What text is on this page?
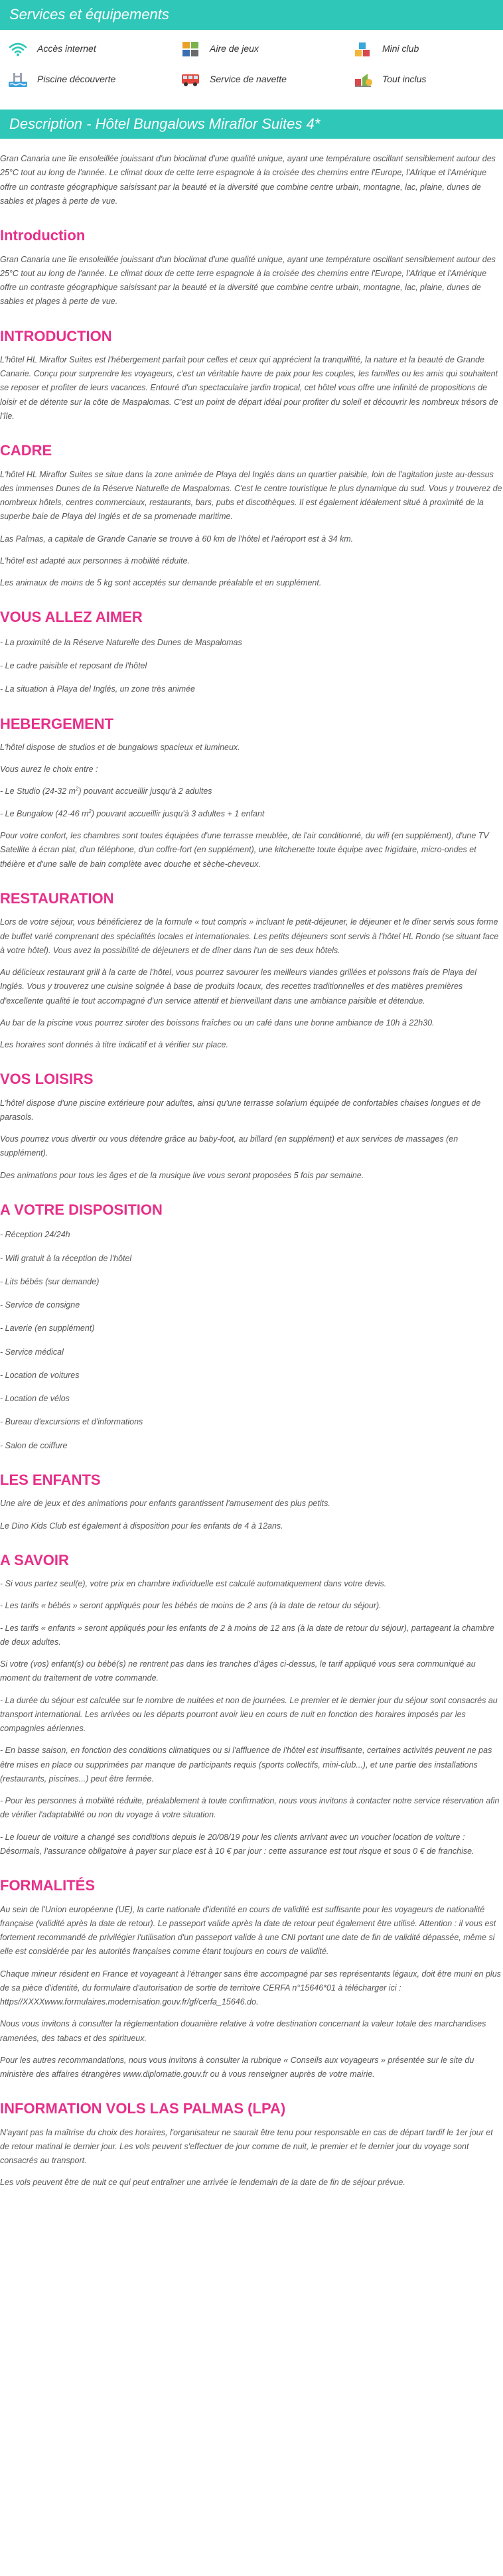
Services et équipements
Accès internet	Aire de jeux	Mini club
Piscine découverte	Service de navette	Tout inclus
Description - Hôtel Bungalows Miraflor Suites 4*

Gran Canaria une île ensoleillée jouissant d'un bioclimat d'une qualité unique, ayant une température oscillant sensiblement autour des 25°C tout au long de l'année. Le climat doux de cette terre espagnole à la croisée des chemins entre l'Europe, l'Afrique et l'Amérique offre un contraste géographique saisissant par la beauté et la diversité que combine centre urbain, montagne, lac, plaine, dunes de sables et plages à perte de vue.

Introduction

Gran Canaria une île ensoleillée jouissant d'un bioclimat d'une qualité unique, ayant une température oscillant sensiblement autour des 25°C tout au long de l'année. Le climat doux de cette terre espagnole à la croisée des chemins entre l'Europe, l'Afrique et l'Amérique offre un contraste géographique saisissant par la beauté et la diversité que combine centre urbain, montagne, lac, plaine, dunes de sables et plages à perte de vue.

INTRODUCTION

L'hôtel HL Miraflor Suites est l'hébergement parfait pour celles et ceux qui apprécient la tranquillité, la nature et la beauté de Grande Canarie. Conçu pour surprendre les voyageurs, c'est un véritable havre de paix pour les couples, les familles ou les amis qui souhaitent se reposer et profiter de leurs vacances. Entouré d'un spectaculaire jardin tropical, cet hôtel vous offre une infinité de propositions de loisir et de détente sur la côte de Maspalomas. C'est un point de départ idéal pour profiter du soleil et découvrir les nombreux trésors de l'île.

CADRE

L'hôtel HL Miraflor Suites se situe dans la zone animée de Playa del Inglés dans un quartier paisible, loin de l'agitation juste au-dessus des immenses Dunes de la Réserve Naturelle de Maspalomas. C'est le centre touristique le plus dynamique du sud. Vous y trouverez de nombreux hôtels, centres commerciaux, restaurants, bars, pubs et discothèques. Il est également idéalement situé à proximité de la superbe baie de Playa del Inglés et de sa promenade maritime.

Las Palmas, a capitale de Grande Canarie se trouve à 60 km de l'hôtel et l'aéroport est à 34 km.

L'hôtel est adapté aux personnes à mobilité réduite.

Les animaux de moins de 5 kg sont acceptés sur demande préalable et en supplément.

VOUS ALLEZ AIMER

- La proximité de la Réserve Naturelle des Dunes de Maspalomas

- Le cadre paisible et reposant de l'hôtel

- La situation à Playa del Inglés, un zone très animée

HEBERGEMENT

L'hôtel dispose de studios et de bungalows spacieux et lumineux.

Vous aurez le choix entre :

- Le Studio (24-32 $m^2$) pouvant accueillir jusqu'à 2 adultes

- Le Bungalow (42-46 $m^2$) pouvant accueillir jusqu'à 3 adultes + 1 enfant

Pour votre confort, les chambres sont toutes équipées d'une terrasse meublée, de l'air conditionné, du wifi (en supplément), d'une TV Satellite à écran plat, d'un téléphone, d'un coffre-fort (en supplément), une kitchenette toute équipe avec frigidaire, micro-ondes et théière et d'une salle de bain complète avec douche et sèche-cheveux.

RESTAURATION

Lors de votre séjour, vous bénéficierez de la formule « tout compris » incluant le petit-déjeuner, le déjeuner et le dîner servis sous forme de buffet varié comprenant des spécialités locales et internationales. Les petits déjeuners sont servis à l'hôtel HL Rondo (se situant face à votre hôtel). Vous avez la possibilité de déjeuners et de dîner dans l'un de ses deux hôtels.

Au délicieux restaurant grill à la carte de l'hôtel, vous pourrez savourer les meilleurs viandes grillées et poissons frais de Playa del Inglés. Vous y trouverez une cuisine soignée à base de produits locaux, des recettes traditionnelles et des matières premières d'excellente qualité le tout accompagné d'un service attentif et bienveillant dans une ambiance paisible et détendue.

Au bar de la piscine vous pourrez siroter des boissons fraîches ou un café dans une bonne ambiance de 10h à 22h30.

Les horaires sont donnés à titre indicatif et à vérifier sur place.

VOS LOISIRS

L'hôtel dispose d'une piscine extérieure pour adultes, ainsi qu'une terrasse solarium équipée de confortables chaises longues et de parasols.

Vous pourrez vous divertir ou vous détendre grâce au baby-foot, au billard (en supplément) et aux services de massages (en supplément).

Des animations pour tous les âges et de la musique live vous seront proposées 5 fois par semaine.

A VOTRE DISPOSITION

- Réception 24/24h

- Wifi gratuit à la réception de l'hôtel

- Lits bébés (sur demande)

- Service de consigne

- Laverie (en supplément)

- Service médical

- Location de voitures

- Location de vélos

- Bureau d'excursions et d'informations

- Salon de coiffure

LES ENFANTS

Une aire de jeux et des animations pour enfants garantissent l'amusement des plus petits.

Le Dino Kids Club est également à disposition pour les enfants de 4 à 12ans.

A SAVOIR

- Si vous partez seul(e), votre prix en chambre individuelle est calculé automatiquement dans votre devis.

- Les tarifs « bébés » seront appliqués pour les bébés de moins de 2 ans (à la date de retour du séjour).

- Les tarifs « enfants » seront appliqués pour les enfants de 2 à moins de 12 ans (à la date de retour du séjour), partageant la chambre de deux adultes.

Si votre (vos) enfant(s) ou bébé(s) ne rentrent pas dans les tranches d'âges ci-dessus, le tarif appliqué vous sera communiqué au moment du traitement de votre commande.

- La durée du séjour est calculée sur le nombre de nuitées et non de journées. Le premier et le dernier jour du séjour sont consacrés au transport international. Les arrivées ou les départs pourront avoir lieu en cours de nuit en fonction des horaires imposés par les compagnies aériennes.

- En basse saison, en fonction des conditions climatiques ou si l'affluence de l'hôtel est insuffisante, certaines activités peuvent ne pas être mises en place ou supprimées par manque de participants requis (sports collectifs, mini-club...), et une partie des installations (restaurants, piscines...) peut être fermée.

- Pour les personnes à mobilité réduite, préalablement à toute confirmation, nous vous invitons à contacter notre service réservation afin de vérifier l'adaptabilité ou non du voyage à votre situation.

- Le loueur de voiture a changé ses conditions depuis le 20/08/19 pour les clients arrivant avec un voucher location de voiture : Désormais, l'assurance obligatoire à payer sur place est à 10 € par jour : cette assurance est tout risque et sous 0 € de franchise.

FORMALITÉS

Au sein de l'Union européenne (UE), la carte nationale d'identité en cours de validité est suffisante pour les voyageurs de nationalité française (validité après la date de retour). Le passeport valide après la date de retour peut également être utilisé. Attention : il vous est fortement recommandé de privilégier l'utilisation d'un passeport valide à une CNI portant une date de fin de validité dépassée, même si elle est considérée par les autorités françaises comme étant toujours en cours de validité.

Chaque mineur résident en France et voyageant à l'étranger sans être accompagné par ses représentants légaux, doit être muni en plus de sa pièce d'identité, du formulaire d'autorisation de sortie de territoire CERFA n°15646*01 à télécharger ici : https//XXXXwww.formulaires.modernisation.gouv.fr/gf/cerfa_15646.do.

Nous vous invitons à consulter la réglementation douanière relative à votre destination concernant la valeur totale des marchandises ramenées, des tabacs et des spiritueux.

Pour les autres recommandations, nous vous invitons à consulter la rubrique « Conseils aux voyageurs » présentée sur le site du ministère des affaires étrangères www.diplomatie.gouv.fr ou à vous renseigner auprès de votre mairie.

INFORMATION VOLS LAS PALMAS (LPA)

N'ayant pas la maîtrise du choix des horaires, l'organisateur ne saurait être tenu pour responsable en cas de départ tardif le 1er jour et de retour matinal le dernier jour. Les vols peuvent s'effectuer de jour comme de nuit, le premier et le dernier jour du voyage sont consacrés au transport.

Les vols peuvent être de nuit ce qui peut entraîner une arrivée le lendemain de la date de fin de séjour prévue.
